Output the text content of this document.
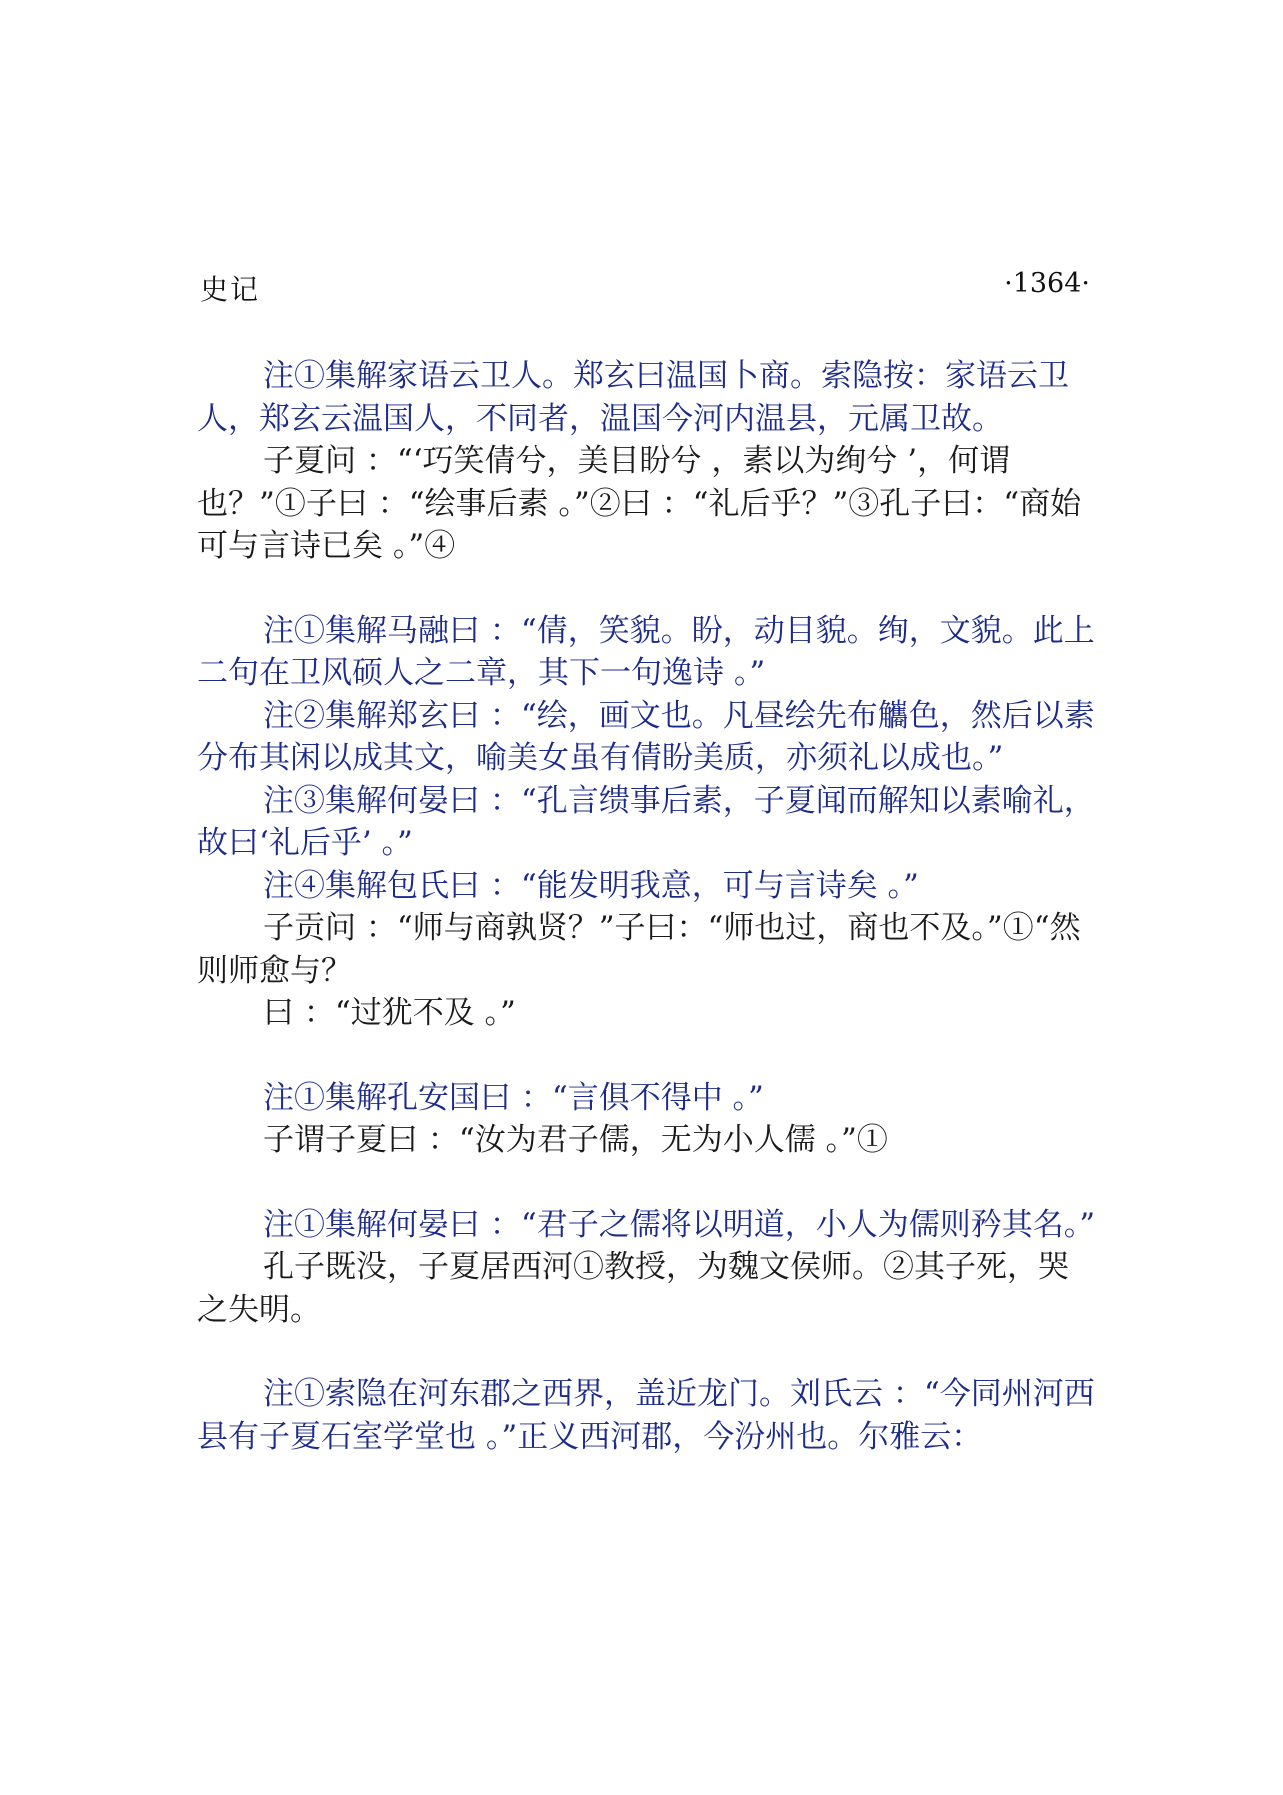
史记	·1364·

注①集解家语云卫人。郑玄曰温国卜商。索隐按：家语云卫人，郑玄云温国人，不同者，温国今河内温县，元属卫故。

子夏问 ：“‘巧笑倩兮，美目盼兮 ，素以为绚兮 ’，何谓也？”①子曰 ：“绘事后素 。”②曰 ：“礼后乎？”③孔子曰：“商始可与言诗已矣 。”④

注①集解马融曰 ：“倩，笑貌。盼，动目貌。绚，文貌。此上二句在卫风硕人之二章，其下一句逸诗 。”

注②集解郑玄曰 ：“绘，画文也。凡昼绘先布觿色，然后以素分布其闲以成其文，喻美女虽有倩盼美质，亦须礼以成也。”

注③集解何晏曰 ：“孔言缋事后素，子夏闻而解知以素喻礼，故曰‘礼后乎’ 。”

注④集解包氏曰 ：“能发明我意，可与言诗矣 。”

子贡问 ：“师与商孰贤？”子曰：“师也过，商也不及。”①“然则师愈与？

曰 ：“过犹不及 。”

注①集解孔安国曰 ：“言俱不得中 。”

子谓子夏曰 ：“汝为君子儒，无为小人儒 。”①

注①集解何晏曰 ：“君子之儒将以明道，小人为儒则矜其名。”

孔子既没，子夏居西河①教授，为魏文侯师。②其子死，哭之失明。

注①索隐在河东郡之西界，盖近龙门。刘氏云 ：“今同州河西县有子夏石室学堂也 。”正义西河郡，今汾州也。尔雅云：
